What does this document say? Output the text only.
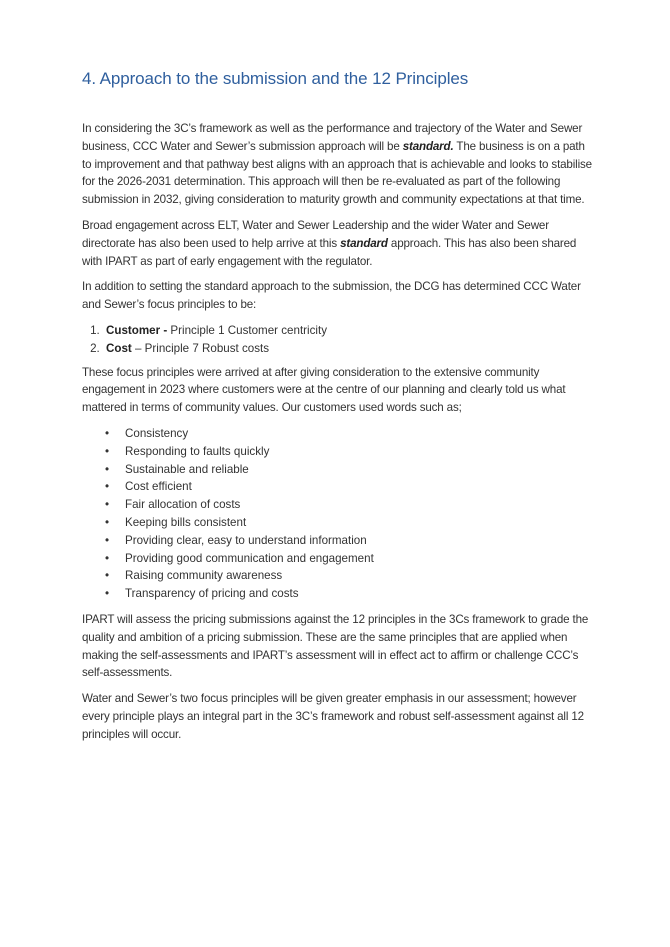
4. Approach to the submission and the 12 Principles

In considering the 3C’s framework as well as the performance and trajectory of the Water and Sewer business, CCC Water and Sewer’s submission approach will be standard. The business is on a path to improvement and that pathway best aligns with an approach that is achievable and looks to stabilise for the 2026-2031 determination. This approach will then be re-evaluated as part of the following submission in 2032, giving consideration to maturity growth and community expectations at that time.

Broad engagement across ELT, Water and Sewer Leadership and the wider Water and Sewer directorate has also been used to help arrive at this standard approach. This has also been shared with IPART as part of early engagement with the regulator.

In addition to setting the standard approach to the submission, the DCG has determined CCC Water and Sewer’s focus principles to be:

1. Customer - Principle 1 Customer centricity
2. Cost – Principle 7 Robust costs

These focus principles were arrived at after giving consideration to the extensive community engagement in 2023 where customers were at the centre of our planning and clearly told us what mattered in terms of community values. Our customers used words such as;

• Consistency
• Responding to faults quickly
• Sustainable and reliable
• Cost efficient
• Fair allocation of costs
• Keeping bills consistent
• Providing clear, easy to understand information
• Providing good communication and engagement
• Raising community awareness
• Transparency of pricing and costs

IPART will assess the pricing submissions against the 12 principles in the 3Cs framework to grade the quality and ambition of a pricing submission. These are the same principles that are applied when making the self-assessments and IPART’s assessment will in effect act to affirm or challenge CCC’s self-assessments.

Water and Sewer’s two focus principles will be given greater emphasis in our assessment; however every principle plays an integral part in the 3C’s framework and robust self-assessment against all 12 principles will occur.
